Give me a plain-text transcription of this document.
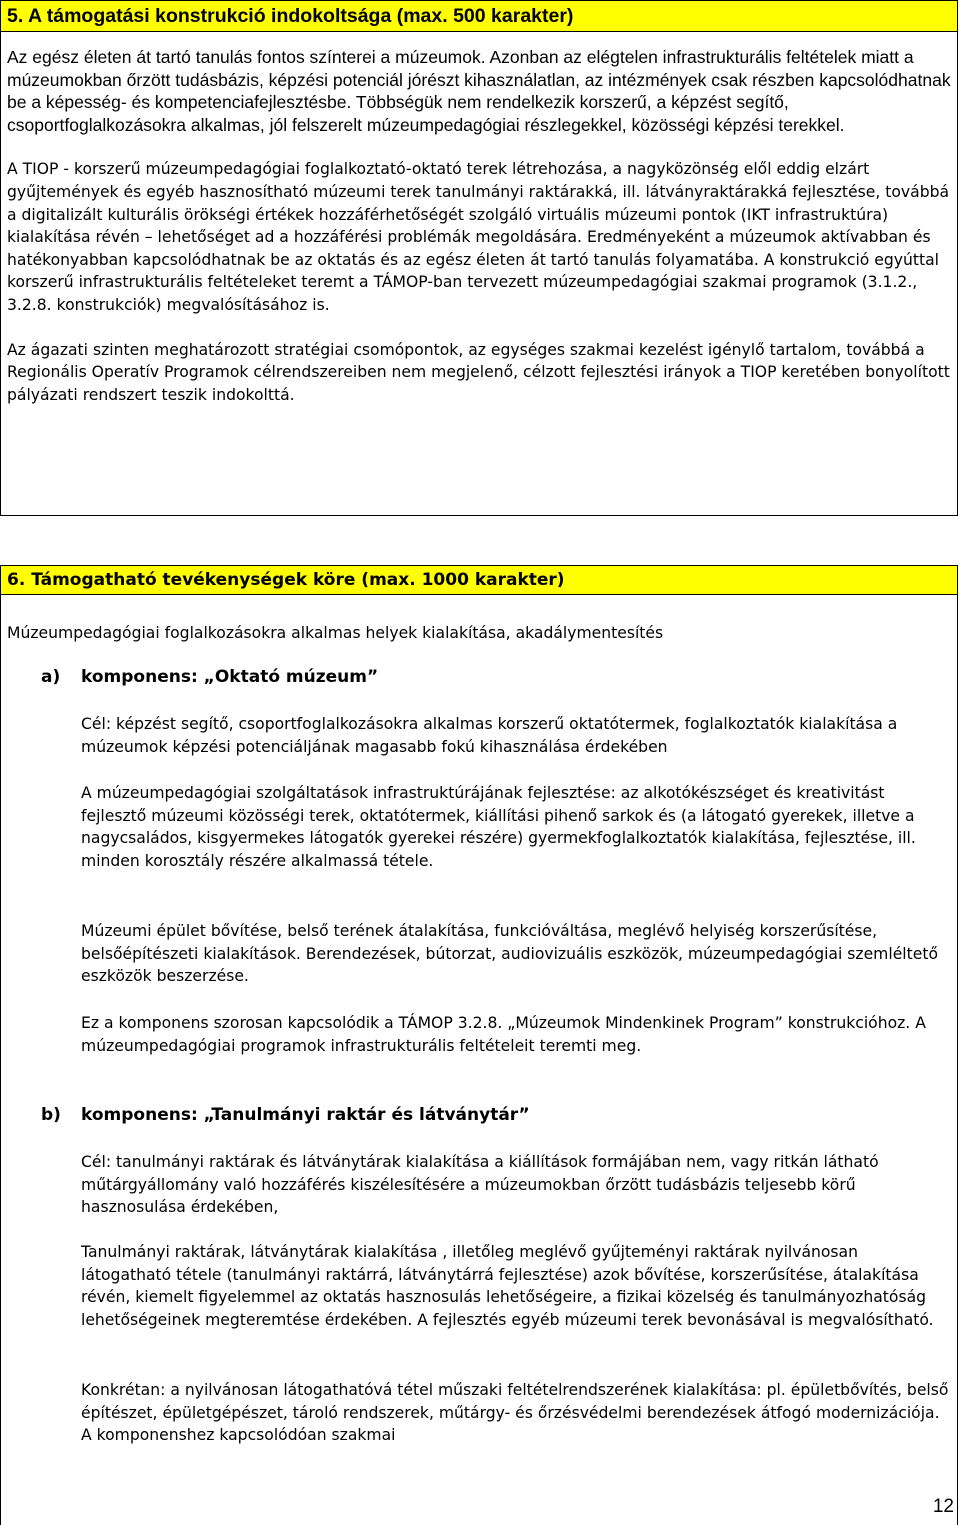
5. A támogatási konstrukció indokoltsága (max. 500 karakter)

Az egész életen át tartó tanulás fontos színterei a múzeumok. Azonban az elégtelen infrastrukturális feltételek miatt a múzeumokban őrzött tudásbázis, képzési potenciál jórészt kihasználatlan, az intézmények csak részben kapcsolódhatnak be a képesség- és kompetenciafejlesztésbe. Többségük nem rendelkezik korszerű, a képzést segítő, csoportfoglalkozásokra alkalmas, jól felszerelt múzeumpedagógiai részlegekkel, közösségi képzési terekkel.

A TIOP - korszerű múzeumpedagógiai foglalkoztató-oktató terek létrehozása, a nagyközönség elől eddig elzárt gyűjtemények és egyéb hasznosítható múzeumi terek tanulmányi raktárakká, ill. látványraktárakká fejlesztése, továbbá a digitalizált kulturális örökségi értékek hozzáférhetőségét szolgáló virtuális múzeumi pontok (IKT infrastruktúra) kialakítása révén – lehetőséget ad a hozzáférési problémák megoldására. Eredményeként a múzeumok aktívabban és hatékonyabban kapcsolódhatnak be az oktatás és az egész életen át tartó tanulás folyamatába. A konstrukció egyúttal korszerű infrastrukturális feltételeket teremt a TÁMOP-ban tervezett múzeumpedagógiai szakmai programok (3.1.2., 3.2.8. konstrukciók) megvalósításához is.

Az ágazati szinten meghatározott stratégiai csomópontok, az egységes szakmai kezelést igénylő tartalom, továbbá a Regionális Operatív Programok célrendszereiben nem megjelenő, célzott fejlesztési irányok a TIOP keretében bonyolított pályázati rendszert teszik indokolttá.

6. Támogatható tevékenységek köre (max. 1000 karakter)

Múzeumpedagógiai foglalkozásokra alkalmas helyek kialakítása, akadálymentesítés

a) komponens: „Oktató múzeum”

Cél: képzést segítő, csoportfoglalkozásokra alkalmas korszerű oktatótermek, foglalkoztatók kialakítása a múzeumok képzési potenciáljának magasabb fokú kihasználása érdekében

A múzeumpedagógiai szolgáltatások infrastruktúrájának fejlesztése: az alkotókészséget és kreativitást fejlesztő múzeumi közösségi terek, oktatótermek, kiállítási pihenő sarkok és (a látogató gyerekek, illetve a nagycsaládos, kisgyermekes látogatók gyerekei részére) gyermekfoglalkoztatók kialakítása, fejlesztése, ill. minden korosztály részére alkalmassá tétele.

Múzeumi épület bővítése, belső terének átalakítása, funkcióváltása, meglévő helyiség korszerűsítése, belsőépítészeti kialakítások. Berendezések, bútorzat, audiovizuális eszközök, múzeumpedagógiai szemléltető eszközök beszerzése.

Ez a komponens szorosan kapcsolódik a TÁMOP 3.2.8. „Múzeumok Mindenkinek Program” konstrukcióhoz. A múzeumpedagógiai programok infrastrukturális feltételeit teremti meg.

b) komponens: „Tanulmányi raktár és látványtár”

Cél: tanulmányi raktárak és látványtárak kialakítása a kiállítások formájában nem, vagy ritkán látható műtárgyállomány való hozzáférés kiszélesítésére a múzeumokban őrzött tudásbázis teljesebb körű hasznosulása érdekében,

Tanulmányi raktárak, látványtárak kialakítása , illetőleg meglévő gyűjteményi raktárak nyilvánosan látogatható tétele (tanulmányi raktárrá, látványtárrá fejlesztése) azok bővítése, korszerűsítése, átalakítása révén, kiemelt figyelemmel az oktatás hasznosulás lehetőségeire, a fizikai közelség és tanulmányozhatóság lehetőségeinek megteremtése érdekében. A fejlesztés egyéb múzeumi terek bevonásával is megvalósítható.

Konkrétan: a nyilvánosan látogathatóvá tétel műszaki feltételrendszerének kialakítása: pl. épületbővítés, belső építészet, épületgépészet, tároló rendszerek, műtárgy- és őrzésvédelmi berendezések átfogó modernizációja. A komponenshez kapcsolódóan szakmai

12
